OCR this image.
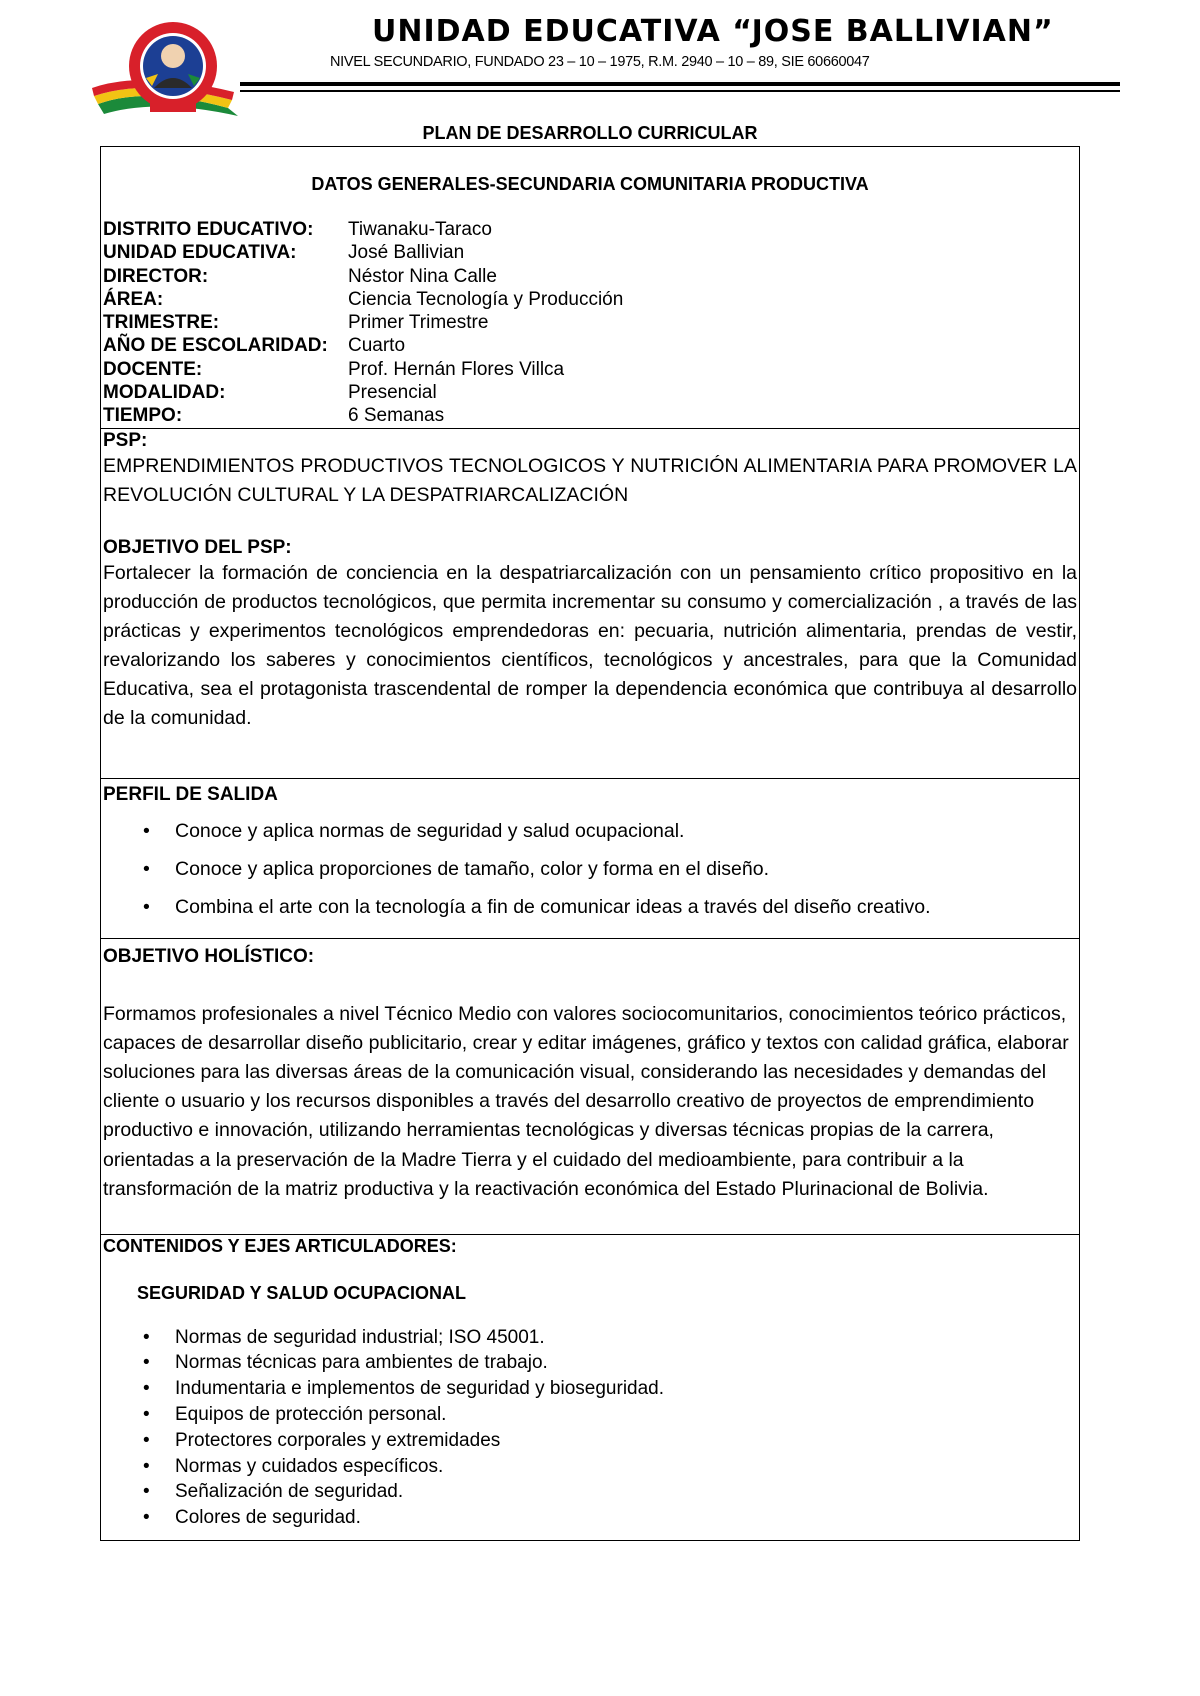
UNIDAD EDUCATIVA “JOSE BALLIVIAN”
NIVEL SECUNDARIO, FUNDADO 23 – 10 – 1975, R.M. 2940 – 10 – 89, SIE 60660047
PLAN DE DESARROLLO CURRICULAR
DATOS GENERALES-SECUNDARIA COMUNITARIA PRODUCTIVA
DISTRITO EDUCATIVO:	Tiwanaku-Taraco
UNIDAD EDUCATIVA:	José Ballivian
DIRECTOR:	Néstor Nina Calle
ÁREA:	Ciencia Tecnología y Producción
TRIMESTRE:	Primer Trimestre
AÑO DE ESCOLARIDAD:	Cuarto
DOCENTE:	Prof. Hernán Flores Villca
MODALIDAD:	Presencial
TIEMPO:	6 Semanas

PSP:
EMPRENDIMIENTOS PRODUCTIVOS TECNOLOGICOS Y NUTRICIÓN ALIMENTARIA PARA PROMOVER LA REVOLUCIÓN CULTURAL Y LA DESPATRIARCALIZACIÓN
OBJETIVO DEL PSP:
Fortalecer la formación de conciencia en la despatriarcalización con un pensamiento crítico propositivo en la producción de productos tecnológicos, que permita incrementar su consumo y comercialización , a través de las prácticas y experimentos tecnológicos emprendedoras en: pecuaria, nutrición alimentaria, prendas de vestir, revalorizando los saberes y conocimientos científicos, tecnológicos y ancestrales, para que la Comunidad Educativa, sea el protagonista trascendental de romper la dependencia económica que contribuya al desarrollo de la comunidad.

PERFIL DE SALIDA
• Conoce y aplica normas de seguridad y salud ocupacional.
• Conoce y aplica proporciones de tamaño, color y forma en el diseño.
• Combina el arte con la tecnología a fin de comunicar ideas a través del diseño creativo.

OBJETIVO HOLÍSTICO:
Formamos profesionales a nivel Técnico Medio con valores sociocomunitarios, conocimientos teórico prácticos, capaces de desarrollar diseño publicitario, crear y editar imágenes, gráfico y textos con calidad gráfica, elaborar soluciones para las diversas áreas de la comunicación visual, considerando las necesidades y demandas del cliente o usuario y los recursos disponibles a través del desarrollo creativo de proyectos de emprendimiento productivo e innovación, utilizando herramientas tecnológicas y diversas técnicas propias de la carrera, orientadas a la preservación de la Madre Tierra y el cuidado del medioambiente, para contribuir a la transformación de la matriz productiva y la reactivación económica del Estado Plurinacional de Bolivia.

CONTENIDOS Y EJES ARTICULADORES:
SEGURIDAD Y SALUD OCUPACIONAL
• Normas de seguridad industrial; ISO 45001.
• Normas técnicas para ambientes de trabajo.
• Indumentaria e implementos de seguridad y bioseguridad.
• Equipos de protección personal.
• Protectores corporales y extremidades
• Normas y cuidados específicos.
• Señalización de seguridad.
• Colores de seguridad.
